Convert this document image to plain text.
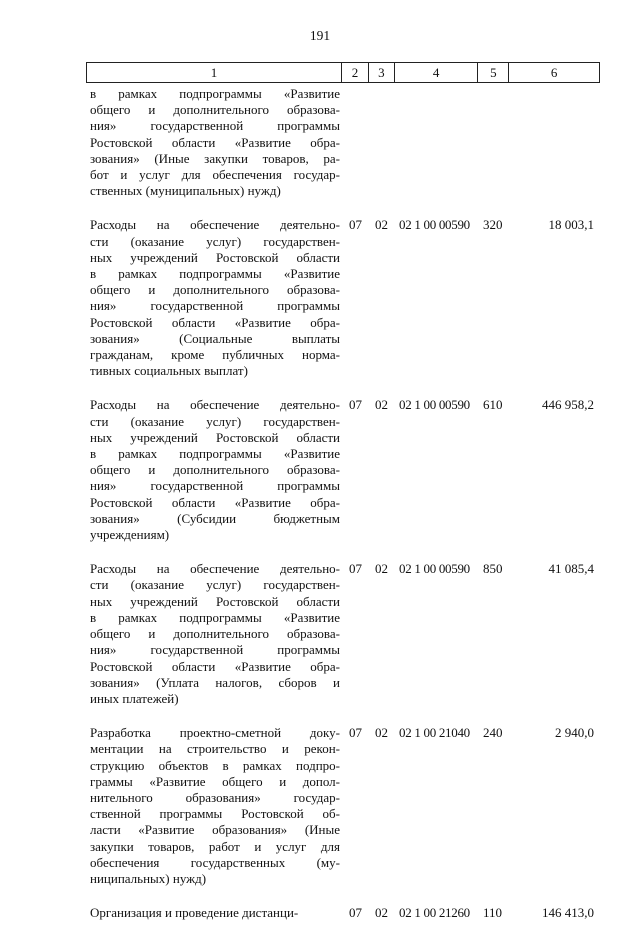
191
1	2	3	4	5	6
в рамках подпрограммы «Развитие
общего и дополнительного образова-
ния» государственной программы
Ростовской области «Развитие обра-
зования» (Иные закупки товаров, ра-
бот и услуг для обеспечения государ-
ственных (муниципальных) нужд)
Расходы на обеспечение деятельно-
сти (оказание услуг) государствен-
ных учреждений Ростовской области
в рамках подпрограммы «Развитие
общего и дополнительного образова-
ния» государственной программы
Ростовской области «Развитие обра-
зования» (Социальные выплаты
гражданам, кроме публичных норма-
тивных социальных выплат)
07 02 02 1 00 00590 320	18 003,1
Расходы на обеспечение деятельно-
сти (оказание услуг) государствен-
ных учреждений Ростовской области
в рамках подпрограммы «Развитие
общего и дополнительного образова-
ния» государственной программы
Ростовской области «Развитие обра-
зования» (Субсидии бюджетным
учреждениям)
07 02 02 1 00 00590 610	446 958,2
Расходы на обеспечение деятельно-
сти (оказание услуг) государствен-
ных учреждений Ростовской области
в рамках подпрограммы «Развитие
общего и дополнительного образова-
ния» государственной программы
Ростовской области «Развитие обра-
зования» (Уплата налогов, сборов и
иных платежей)
07 02 02 1 00 00590 850	41 085,4
Разработка проектно-сметной доку-
ментации на строительство и рекон-
струкцию объектов в рамках подпро-
граммы «Развитие общего и допол-
нительного образования» государ-
ственной программы Ростовской об-
ласти «Развитие образования» (Иные
закупки товаров, работ и услуг для
обеспечения государственных (му-
ниципальных) нужд)
07 02 02 1 00 21040 240	2 940,0
Организация и проведение дистанци-	07 02 02 1 00 21260 110	146 413,0
